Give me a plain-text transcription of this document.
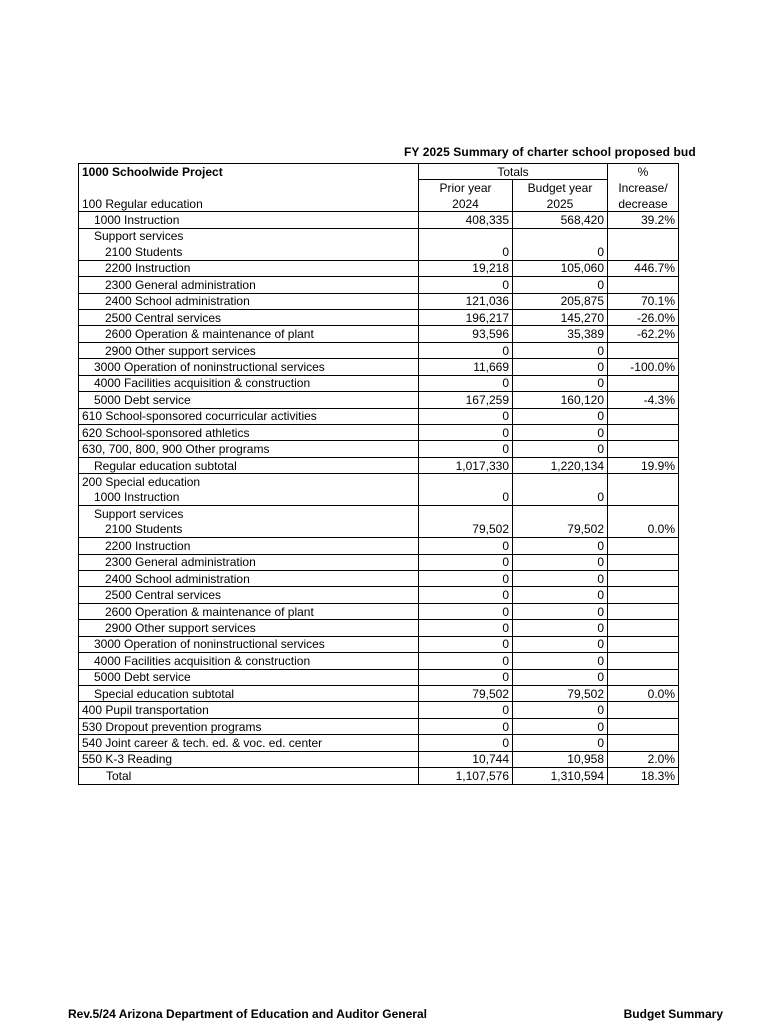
FY 2025 Summary of charter school proposed bud
1000 Schoolwide Project	Totals		%
	Prior year	Budget year	Increase/
100 Regular education	2024	2025	decrease
1000 Instruction	408,335	568,420	39.2%
Support services			
2100 Students	0	0	
2200 Instruction	19,218	105,060	446.7%
2300 General administration	0	0	
2400 School administration	121,036	205,875	70.1%
2500 Central services	196,217	145,270	-26.0%
2600 Operation & maintenance of plant	93,596	35,389	-62.2%
2900 Other support services	0	0	
3000 Operation of noninstructional services	11,669	0	-100.0%
4000 Facilities acquisition & construction	0	0	
5000 Debt service	167,259	160,120	-4.3%
610 School-sponsored cocurricular activities	0	0	
620 School-sponsored athletics	0	0	
630, 700, 800, 900 Other programs	0	0	
Regular education subtotal	1,017,330	1,220,134	19.9%
200 Special education			
1000 Instruction	0	0	
Support services			
2100 Students	79,502	79,502	0.0%
2200 Instruction	0	0	
2300 General administration	0	0	
2400 School administration	0	0	
2500 Central services	0	0	
2600 Operation & maintenance of plant	0	0	
2900 Other support services	0	0	
3000 Operation of noninstructional services	0	0	
4000 Facilities acquisition & construction	0	0	
5000 Debt service	0	0	
Special education subtotal	79,502	79,502	0.0%
400 Pupil transportation	0	0	
530 Dropout prevention programs	0	0	
540 Joint career & tech. ed. & voc. ed. center	0	0	
550 K-3 Reading	10,744	10,958	2.0%
Total	1,107,576	1,310,594	18.3%
Rev.5/24 Arizona Department of Education and Auditor General	Budget Summary
